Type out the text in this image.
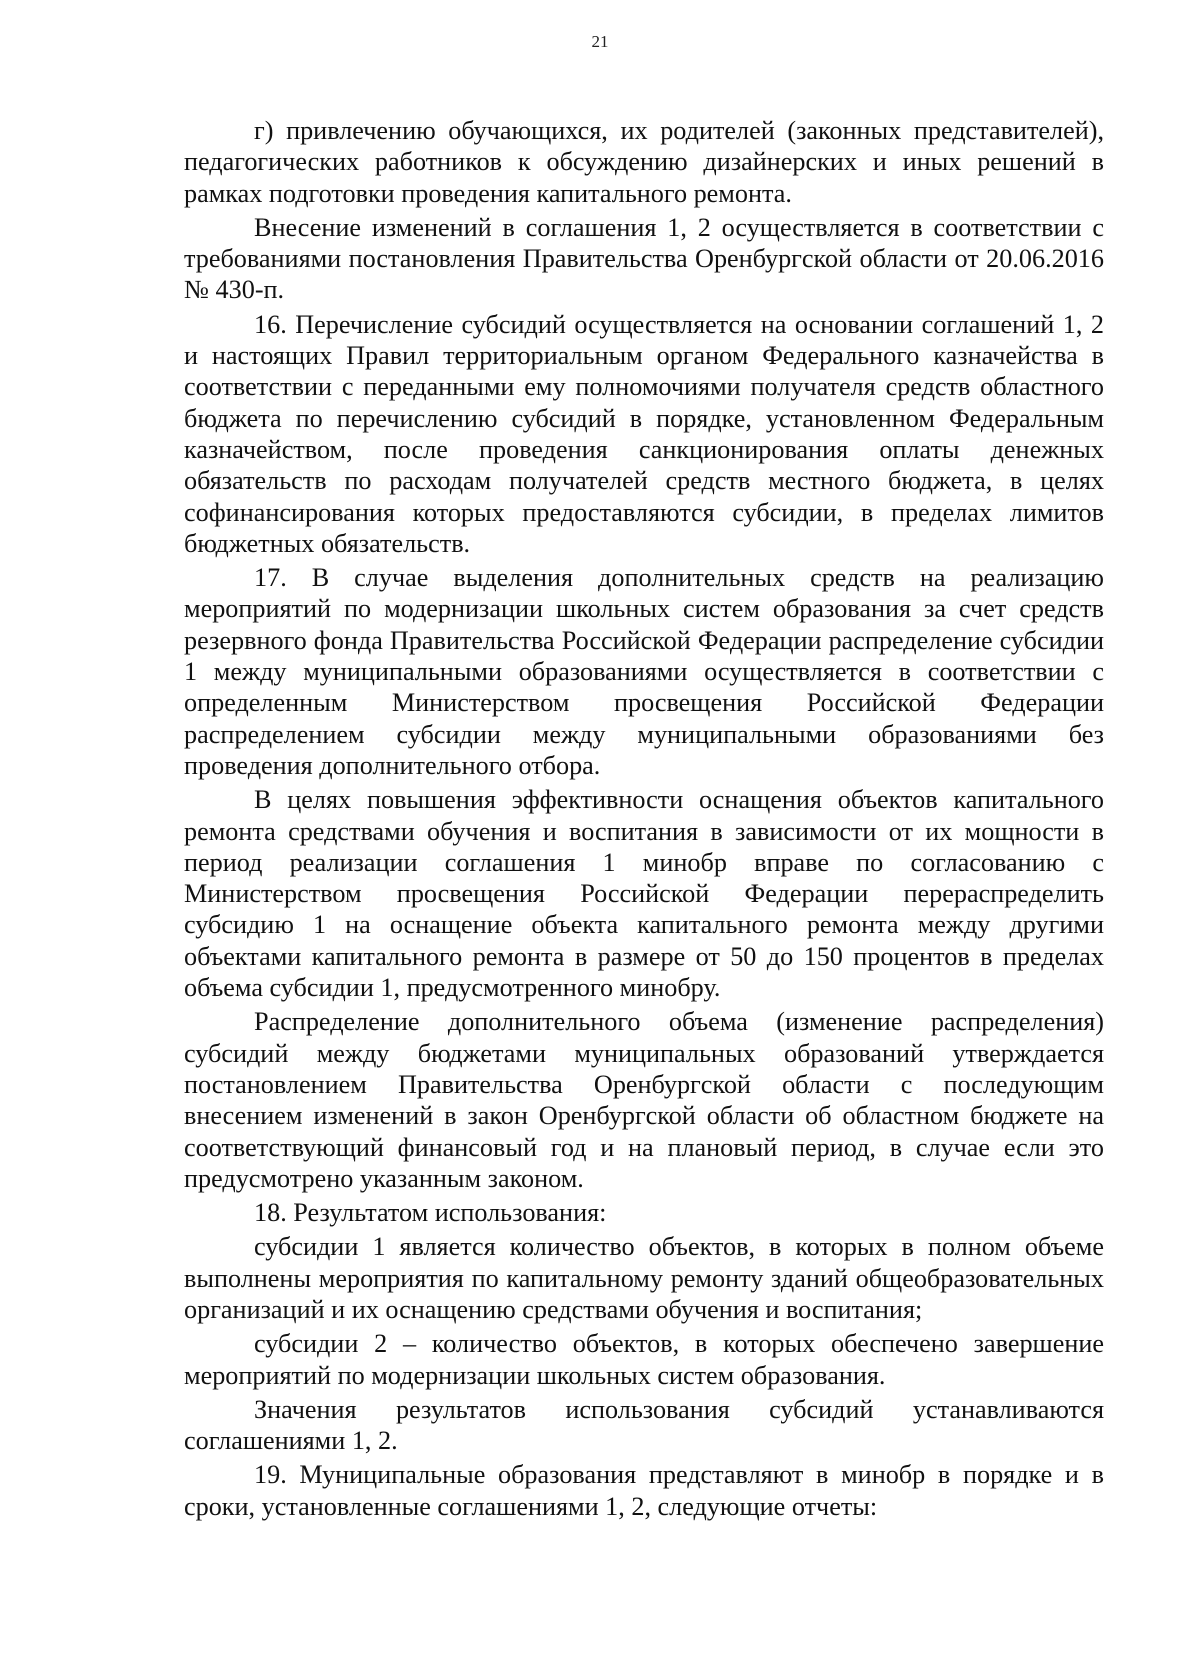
21

г) привлечению обучающихся, их родителей (законных представителей), педагогических работников к обсуждению дизайнерских и иных решений в рамках подготовки проведения капитального ремонта.

Внесение изменений в соглашения 1, 2 осуществляется в соответствии с требованиями постановления Правительства Оренбургской области от 20.06.2016 № 430-п.

16. Перечисление субсидий осуществляется на основании соглашений 1, 2 и настоящих Правил территориальным органом Федерального казначейства в соответствии с переданными ему полномочиями получателя средств областного бюджета по перечислению субсидий в порядке, установленном Федеральным казначейством, после проведения санкционирования оплаты денежных обязательств по расходам получателей средств местного бюджета, в целях софинансирования которых предоставляются субсидии, в пределах лимитов бюджетных обязательств.

17. В случае выделения дополнительных средств на реализацию мероприятий по модернизации школьных систем образования за счет средств резервного фонда Правительства Российской Федерации распределение субсидии 1 между муниципальными образованиями осуществляется в соответствии с определенным Министерством просвещения Российской Федерации распределением субсидии между муниципальными образованиями без проведения дополнительного отбора.

В целях повышения эффективности оснащения объектов капитального ремонта средствами обучения и воспитания в зависимости от их мощности в период реализации соглашения 1 минобр вправе по согласованию с Министерством просвещения Российской Федерации перераспределить субсидию 1 на оснащение объекта капитального ремонта между другими объектами капитального ремонта в размере от 50 до 150 процентов в пределах объема субсидии 1, предусмотренного минобру.

Распределение дополнительного объема (изменение распределения) субсидий между бюджетами муниципальных образований утверждается постановлением Правительства Оренбургской области с последующим внесением изменений в закон Оренбургской области об областном бюджете на соответствующий финансовый год и на плановый период, в случае если это предусмотрено указанным законом.

18. Результатом использования:

субсидии 1 является количество объектов, в которых в полном объеме выполнены мероприятия по капитальному ремонту зданий общеобразовательных организаций и их оснащению средствами обучения и воспитания;

субсидии 2 – количество объектов, в которых обеспечено завершение мероприятий по модернизации школьных систем образования.

Значения результатов использования субсидий устанавливаются соглашениями 1, 2.

19. Муниципальные образования представляют в минобр в порядке и в сроки, установленные соглашениями 1, 2, следующие отчеты:
